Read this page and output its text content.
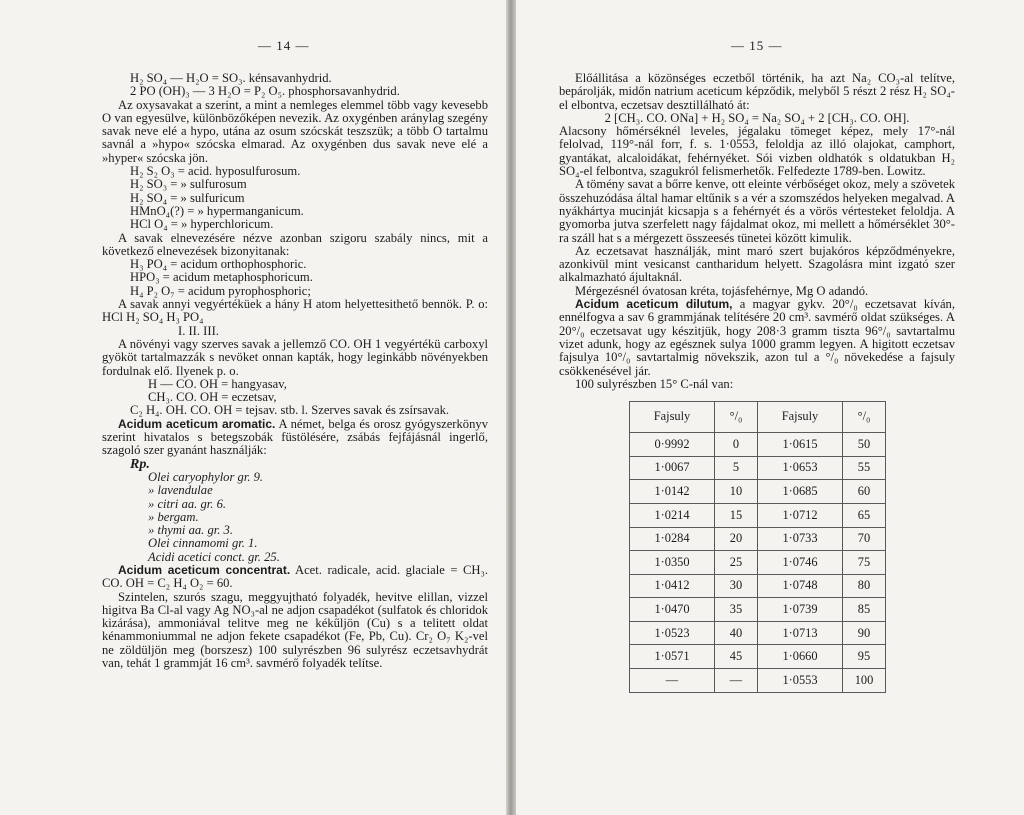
— 14 —

H₂ SO₄ — H₂O = SO₃. kénsavanhydrid.

2 PO (OH)₃ — 3 H₂O = P₂ O₅. phosphorsavanhydrid.

Az oxysavakat a szerint, a mint a nemleges elemmel több vagy kevesebb O van egyesülve, különbözőképen nevezik. Az oxygénben aránylag szegény savak neve elé a hypo, utána az osum szócskát teszszük; a több O tartalmu savnál a »hypo« szócska elmarad. Az oxygénben dus savak neve elé a »hyper« szócska jön.

H₂ S₂ O₃ = acid. hyposulfurosum.

H₂ SO₃ = » sulfurosum

H₂ SO₄ = » sulfuricum

HMnO₄(?) = » hypermanganicum.

HCl O₄ = » hyperchloricum.

A savak elnevezésére nézve azonban szigoru szabály nincs, mit a következő elnevezések bizonyitanak:

H₃ PO₄ = acidum orthophosphoric.

HPO₃ = acidum metaphosphoricum.

H₄ P₂ O₇ = acidum pyrophosphoric;

A savak annyi vegyértéküek a hány H atom helyettesithető bennök. P. o: HCl H₂ SO₄ H₃ PO₄

I. II. III.

A növényi vagy szerves savak a jellemző CO. OH 1 vegyértékü carboxyl gyököt tartalmazzák s nevöket onnan kapták, hogy leginkább növényekben fordulnak elő. Ilyenek p. o.

H — CO. OH = hangyasav,

CH₃. CO. OH = eczetsav,

C₂ H₄. OH. CO. OH = tejsav. stb. l. Szerves savak és zsírsavak.

Acidum aceticum aromatic. A német, belga és orosz gyógyszerkönyv szerint hivatalos s betegszobák füstölésére, zsábás fejfájásnál ingerlő, szagoló szer gyanánt használják:

Rp.

Olei caryophylor gr. 9.

» lavendulae

» citri aa. gr. 6.

» bergam.

» thymi aa. gr. 3.

Olei cinnamomi gr. 1.

Acidi acetici conct. gr. 25.

Acidum aceticum concentrat. Acet. radicale, acid. glaciale = CH₃. CO. OH = C₂ H₄ O₂ = 60.

Szintelen, szurós szagu, meggyujtható folyadék, hevitve elillan, vizzel higitva Ba Cl-al vagy Ag NO₃-al ne adjon csapadékot (sulfatok és chloridok kizárása), ammoniával telitve meg ne kékűljön (Cu) s a telitett oldat kénammoniummal ne adjon fekete csapadékot (Fe, Pb, Cu). Cr₂ O₇ K₂-vel ne zöldüljön meg (borszesz) 100 sulyrészben 96 sulyrész eczetsavhydrát van, tehát 1 grammját 16 cm³. savmérő folyadék telítse.

— 15 —

Előállitása a közönséges eczetből történik, ha azt Na₂ CO₃-al telítve, bepárolják, midőn natrium aceticum képződik, melyből 5 részt 2 rész H₂ SO₄-el elbontva, eczetsav desztillálható át:

2 [CH₃. CO. ONa] + H₂ SO₄ = Na₂ SO₄ + 2 [CH₃. CO. OH].

Alacsony hőmérséknél leveles, jégalaku tömeget képez, mely 17°-nál felolvad, 119°-nál forr, f. s. 1·0553, feloldja az illó olajokat, camphort, gyantákat, alcaloidákat, fehérnyéket. Sói vizben oldhatók s oldatukban H₂ SO₄-el felbontva, szagukról felismerhetők. Felfedezte 1789-ben. Lowitz.

A tömény savat a bőrre kenve, ott eleinte vérbőséget okoz, mely a szövetek összehuzódása által hamar eltűnik s a vér a szomszédos helyeken megalvad. A nyákhártya mucinját kicsapja s a fehérnyét és a vörös vértesteket feloldja. A gyomorba jutva szerfelett nagy fájdalmat okoz, mi mellett a hőmérséklet 30°-ra száll hat s a mérgezett összeesés tünetei között kimulik.

Az eczetsavat használják, mint maró szert bujakóros képződményekre, azonkivül mint vesicanst cantharidum helyett. Szagolásra mint izgató szer alkalmazható ájultaknál.

Mérgezésnél óvatosan kréta, tojásfehérnye, Mg O adandó.

Acidum aceticum dilutum, a magyar gykv. 20°/₀ eczetsavat kíván, ennélfogva a sav 6 grammjának telítésére 20 cm³. savmérő oldat szükséges. A 20°/₀ eczetsavat ugy készitjük, hogy 208·3 gramm tiszta 96°/₀ savtartalmu vizet adunk, hogy az egésznek sulya 1000 gramm legyen. A higitott eczetsav fajsulya 10°/₀ savtartalmig növekszik, azon tul a °/₀ növekedése a fajsuly csökkenésével jár.

100 sulyrészben 15° C-nál van:

Fajsuly	°/₀	Fajsuly	°/₀
0·9992	0	1·0615	50
1·0067	5	1·0653	55
1·0142	10	1·0685	60
1·0214	15	1·0712	65
1·0284	20	1·0733	70
1·0350	25	1·0746	75
1·0412	30	1·0748	80
1·0470	35	1·0739	85
1·0523	40	1·0713	90
1·0571	45	1·0660	95
—	—	1·0553	100
